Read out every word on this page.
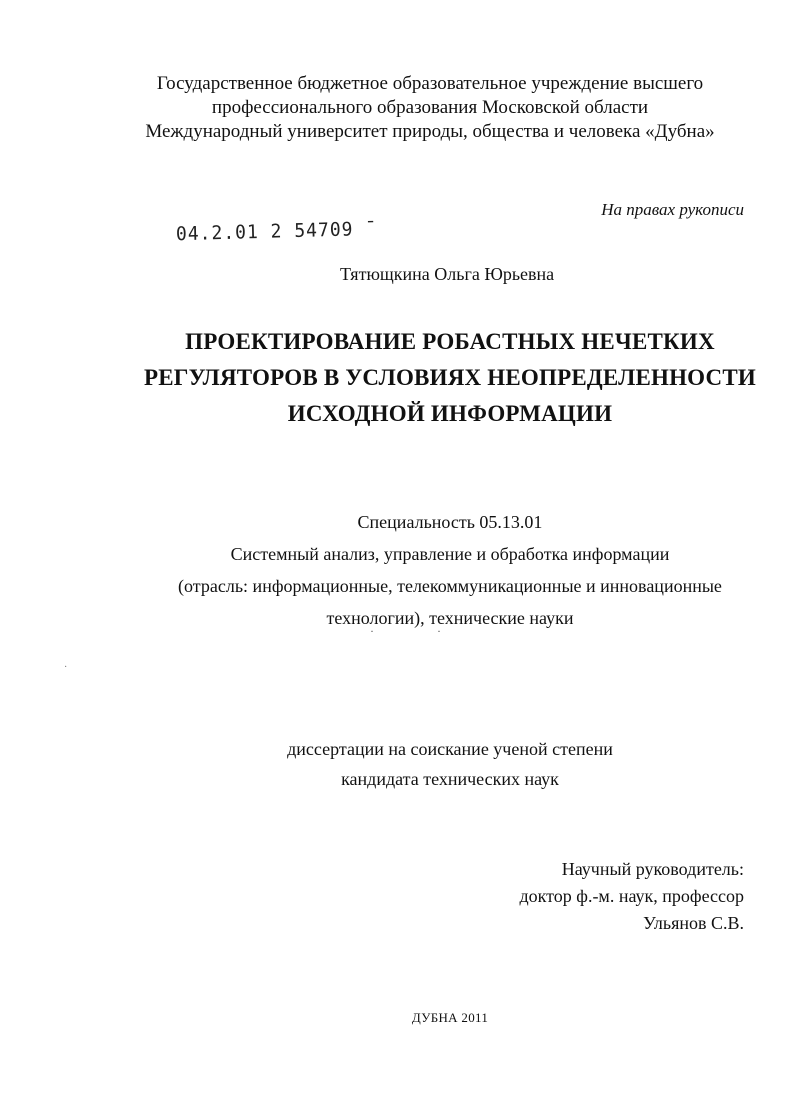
Государственное бюджетное образовательное учреждение высшего
профессионального образования Московской области
Международный университет природы, общества и человека «Дубна»
На правах рукописи
04.2.01 2 54709 ˉ
Тятющкина Ольга Юрьевна
ПРОЕКТИРОВАНИЕ РОБАСТНЫХ НЕЧЕТКИХ
РЕГУЛЯТОРОВ В УСЛОВИЯХ НЕОПРЕДЕЛЕННОСТИ
ИСХОДНОЙ ИНФОРМАЦИИ
Специальность 05.13.01
Системный анализ, управление и обработка информации
(отрасль: информационные, телекоммуникационные и инновационные
технологии), технические науки
· ·
·
диссертации на соискание ученой степени
кандидата технических наук
Научный руководитель:
доктор ф.-м. наук, профессор
Ульянов С.В.
ДУБНА 2011
